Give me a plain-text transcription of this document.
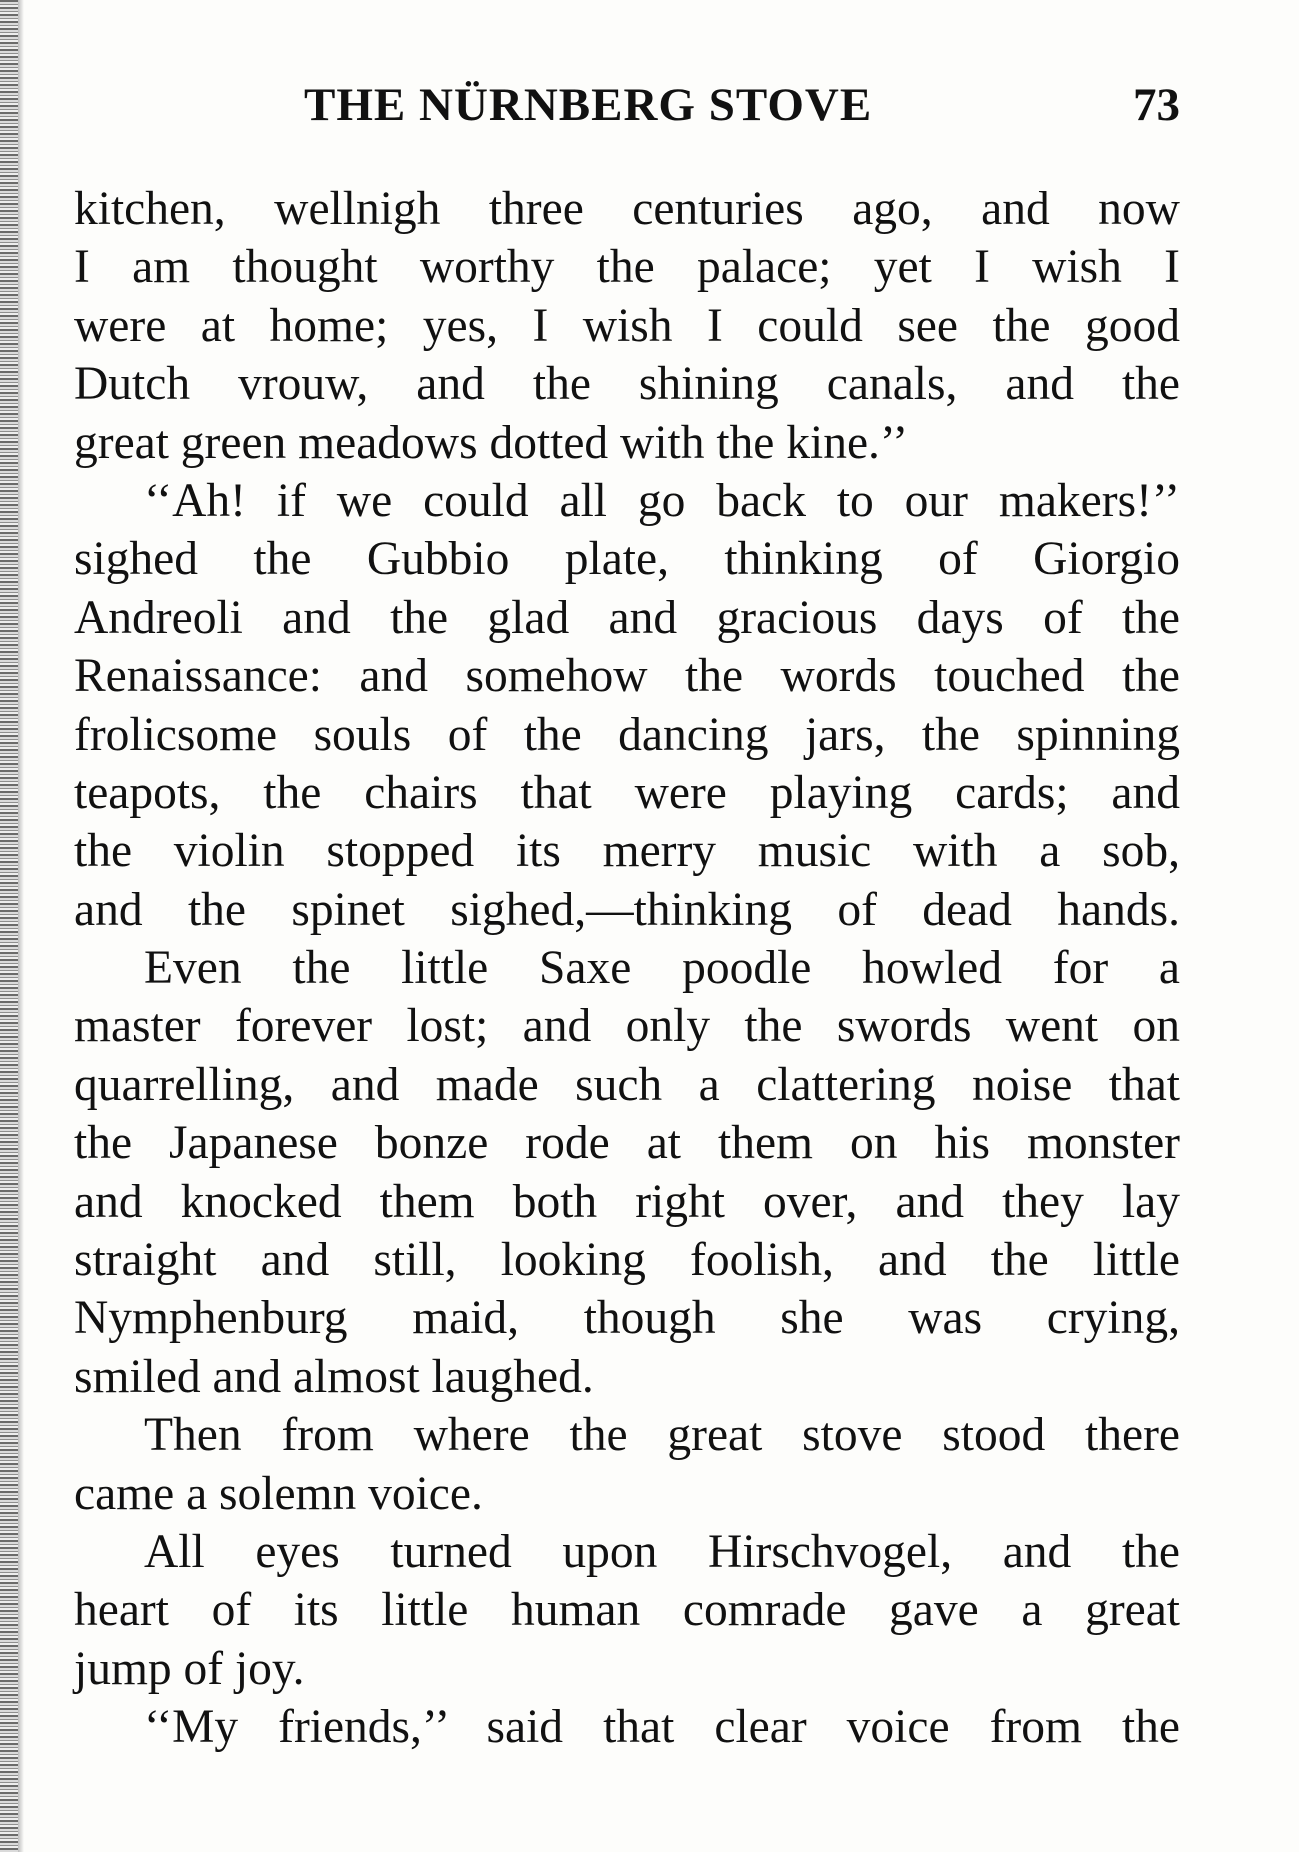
THE NÜRNBERG STOVE	73
kitchen, wellnigh three centuries ago, and now
I am thought worthy the palace; yet I wish I
were at home; yes, I wish I could see the good
Dutch vrouw, and the shining canals, and the
great green meadows dotted with the kine.’’
‘‘Ah! if we could all go back to our makers!’’
sighed the Gubbio plate, thinking of Giorgio
Andreoli and the glad and gracious days of the
Renaissance: and somehow the words touched the
frolicsome souls of the dancing jars, the spinning
teapots, the chairs that were playing cards; and
the violin stopped its merry music with a sob,
and the spinet sighed,—thinking of dead hands.
Even the little Saxe poodle howled for a
master forever lost; and only the swords went on
quarrelling, and made such a clattering noise that
the Japanese bonze rode at them on his monster
and knocked them both right over, and they lay
straight and still, looking foolish, and the little
Nymphenburg maid, though she was crying,
smiled and almost laughed.
Then from where the great stove stood there
came a solemn voice.
All eyes turned upon Hirschvogel, and the
heart of its little human comrade gave a great
jump of joy.
‘‘My friends,’’ said that clear voice from the
